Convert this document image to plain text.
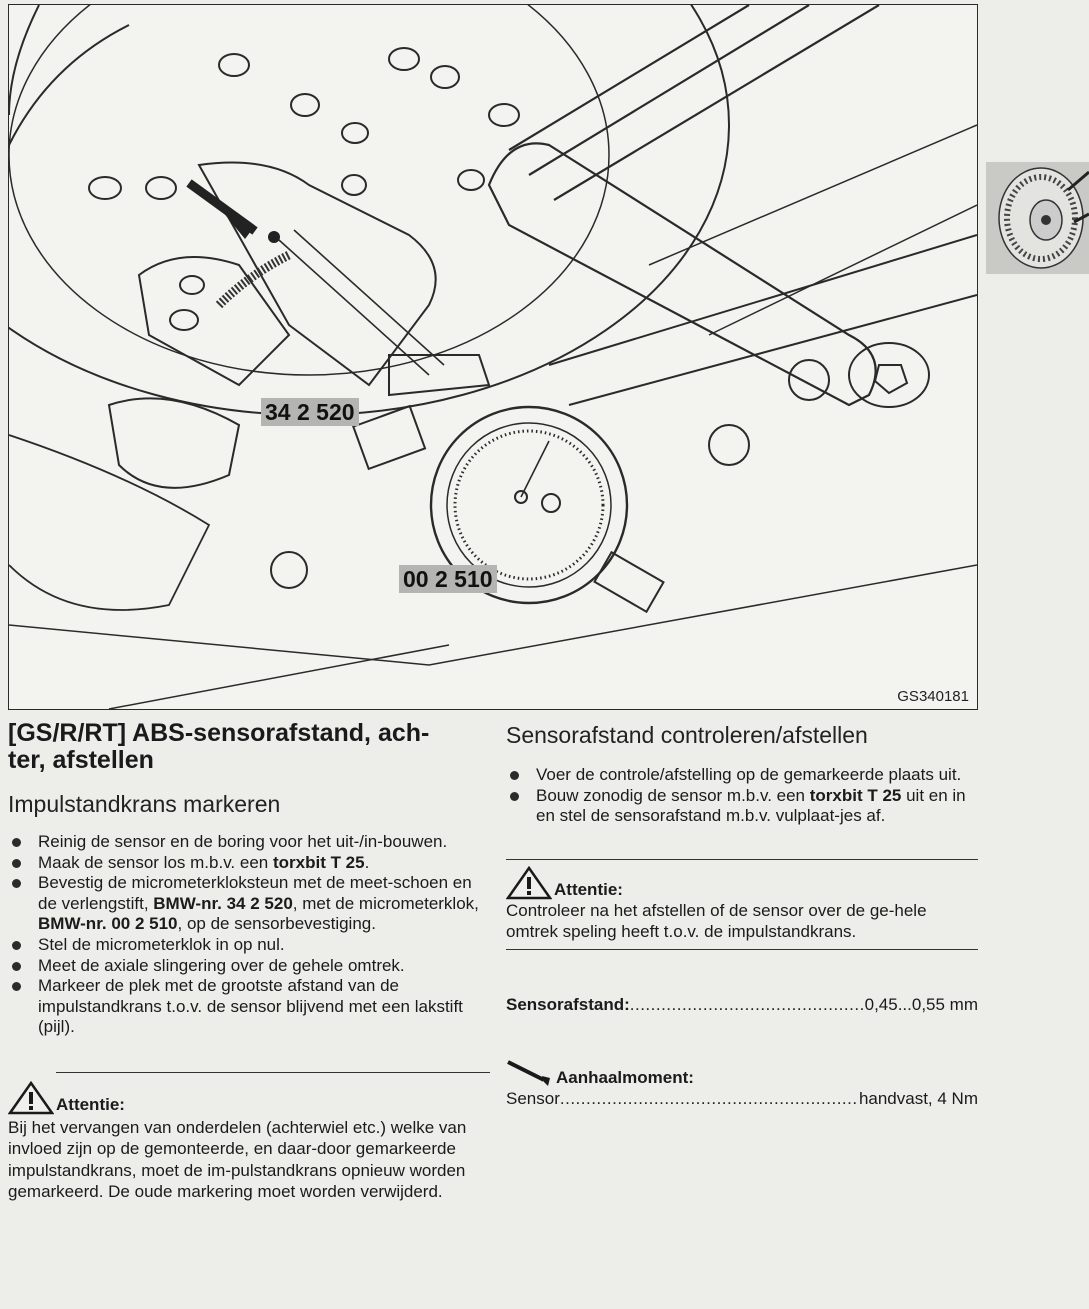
34 2 520
00 2 510
GS340181
[GS/R/RT] ABS-sensorafstand, ach-
ter, afstellen
Impulstandkrans markeren
Reinig de sensor en de boring voor het uit-/in-bouwen.
Maak de sensor los m.b.v. een torxbit T 25.
Bevestig de micrometerkloksteun met de meet-schoen en de verlengstift, BMW-nr. 34 2 520, met de micrometerklok, BMW-nr. 00 2 510, op de sensorbevestiging.
Stel de micrometerklok in op nul.
Meet de axiale slingering over de gehele omtrek.
Markeer de plek met de grootste afstand van de impulstandkrans t.o.v. de sensor blijvend met een lakstift (pijl).
Attentie:
Bij het vervangen van onderdelen (achterwiel etc.) welke van invloed zijn op de gemonteerde, en daar-door gemarkeerde impulstandkrans, moet de im-pulstandkrans opnieuw worden gemarkeerd. De oude markering moet worden verwijderd.
Sensorafstand controleren/afstellen
Voer de controle/afstelling op de gemarkeerde plaats uit.
Bouw zonodig de sensor m.b.v. een torxbit T 25 uit en in en stel de sensorafstand m.b.v. vulplaat-jes af.
Attentie:
Controleer na het afstellen of de sensor over de ge-hele omtrek speling heeft t.o.v. de impulstandkrans.
Sensorafstand: .....	0,45...0,55 mm
Aanhaalmoment:
Sensor .....	handvast, 4 Nm
